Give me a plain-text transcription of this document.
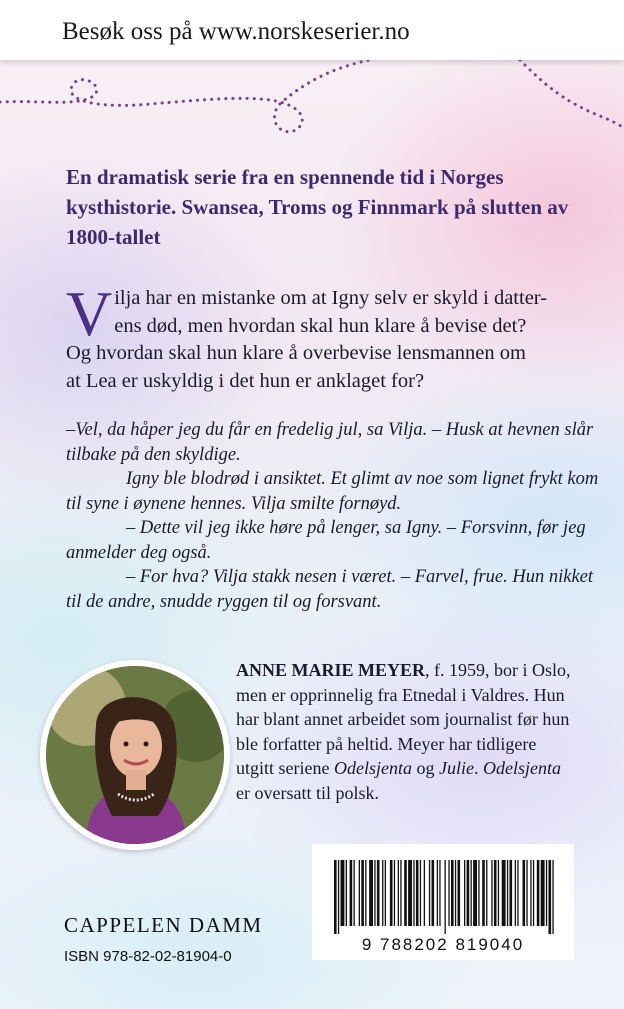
Besøk oss på www.norskeserier.no
En dramatisk serie fra en spennende tid i Norges kysthistorie. Swansea, Troms og Finnmark på slutten av 1800-tallet
V ilja har en mistanke om at Igny selv er skyld i datter-
ens død, men hvordan skal hun klare å bevise det?
Og hvordan skal hun klare å overbevise lensmannen om
at Lea er uskyldig i det hun er anklaget for?

–Vel, da håper jeg du får en fredelig jul, sa Vilja. – Husk at hevnen slår tilbake på den skyldige.

Igny ble blodrød i ansiktet. Et glimt av noe som lignet frykt kom til syne i øynene hennes. Vilja smilte fornøyd.

– Dette vil jeg ikke høre på lenger, sa Igny. – Forsvinn, før jeg anmelder deg også.

– For hva? Vilja stakk nesen i været. – Farvel, frue. Hun nikket til de andre, snudde ryggen til og forsvant.

ANNE MARIE MEYER, f. 1959, bor i Oslo, men er opprinnelig fra Etnedal i Valdres. Hun har blant annet arbeidet som journalist før hun ble forfatter på heltid. Meyer har tidligere utgitt seriene Odelsjenta og Julie. Odelsjenta er oversatt til polsk.
CAPPELEN DAMM
ISBN 978-82-02-81904-0
9 788202 819040
